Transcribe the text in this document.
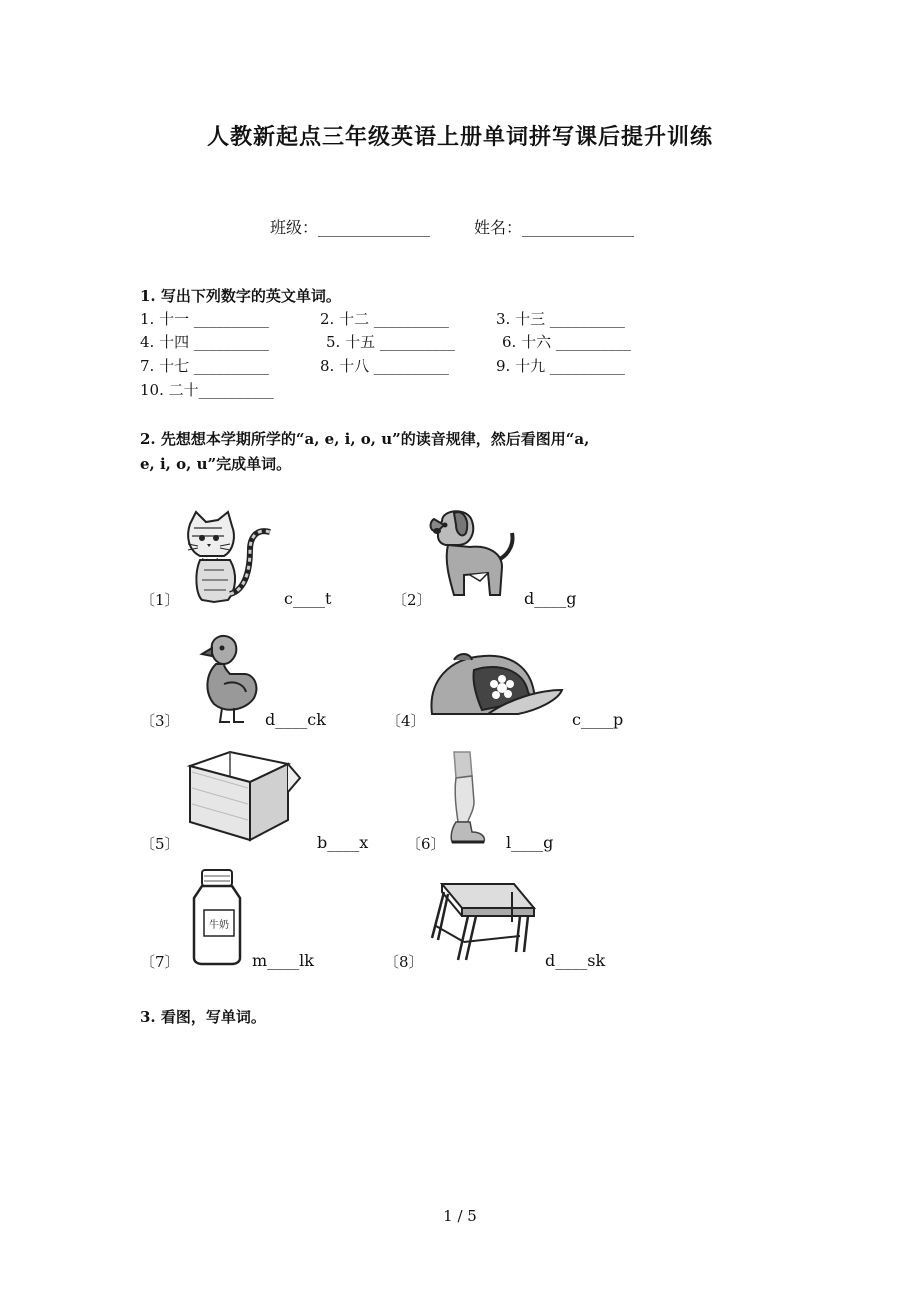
人教新起点三年级英语上册单词拼写课后提升训练
班级：______________	姓名：______________
1. 写出下列数字的英文单词。
1. 十一 __________	2. 十二 __________	3. 十三 __________
4. 十四 __________	5. 十五 __________	6. 十六 __________
7. 十七 __________	8. 十八 __________	9. 十九 __________
10. 二十__________
2. 先想想本学期所学的“a, e, i, o, u”的读音规律，然后看图用“a,
e, i, o, u”完成单词。
〔1〕	c____t	〔2〕	d____g
〔3〕	d____ck	〔4〕	c____p
〔5〕	b____x	〔6〕	l____g
牛奶
〔7〕	m____lk	〔8〕	d____sk
3. 看图，写单词。
1 / 5
